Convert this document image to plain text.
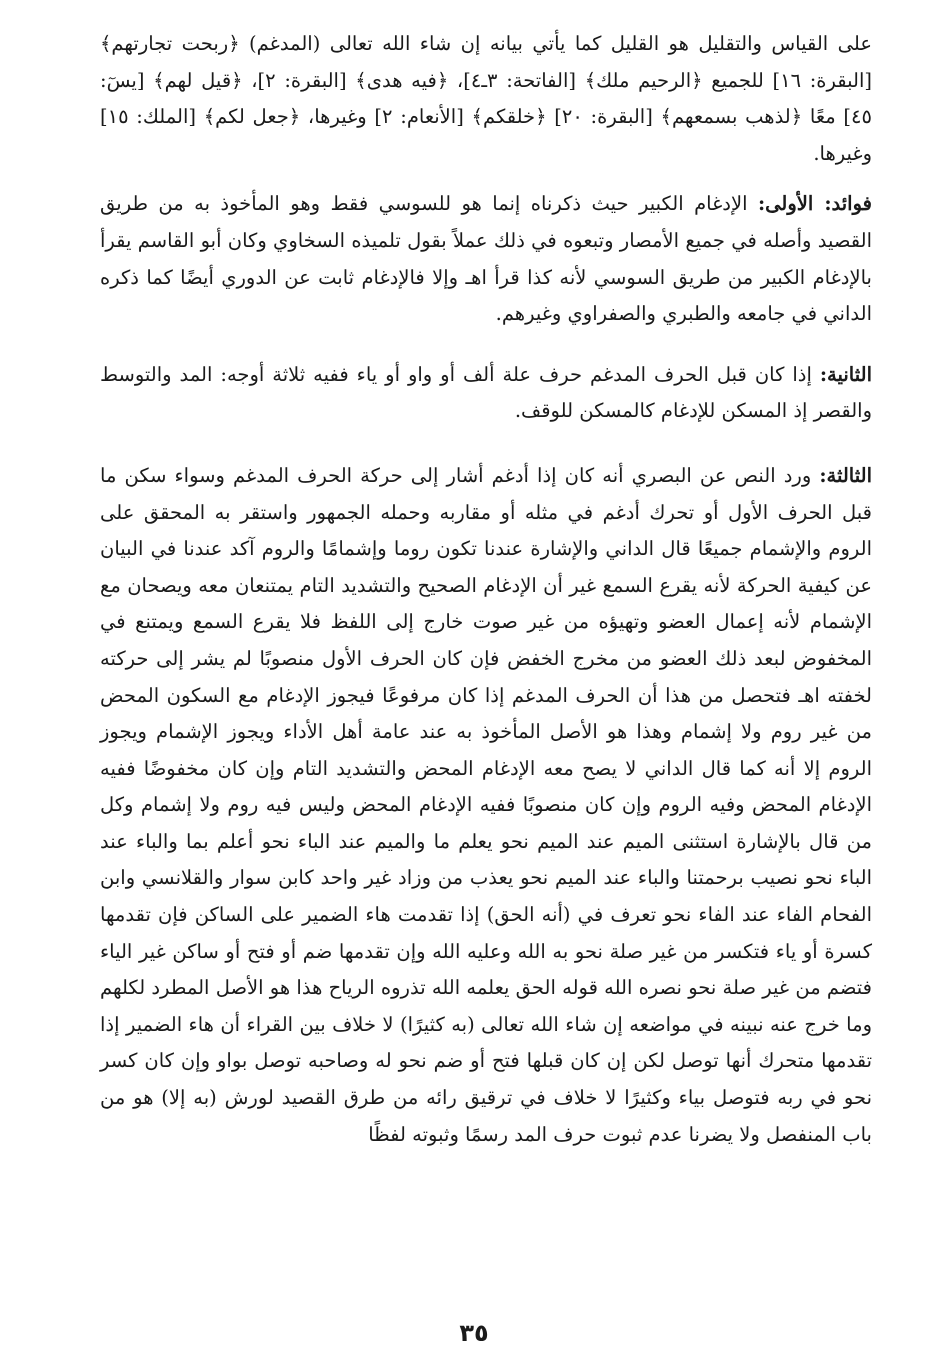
على القياس والتقليل هو القليل كما يأتي بيانه إن شاء الله تعالى (المدغم) ﴿ربحت تجارتهم﴾ [البقرة: ١٦] للجميع ﴿الرحيم ملك﴾ [الفاتحة: ٣ـ٤]، ﴿فيه هدى﴾ [البقرة: ٢]، ﴿قيل لهم﴾ [يسٓ: ٤٥] معًا ﴿لذهب بسمعهم﴾ [البقرة: ٢٠] ﴿خلقكم﴾ [الأنعام: ٢] وغيرها، ﴿جعل لكم﴾ [الملك: ١٥] وغيرها.

فوائد: الأولى: الإدغام الكبير حيث ذكرناه إنما هو للسوسي فقط وهو المأخوذ به من طريق القصيد وأصله في جميع الأمصار وتبعوه في ذلك عملاً بقول تلميذه السخاوي وكان أبو القاسم يقرأ بالإدغام الكبير من طريق السوسي لأنه كذا قرأ اهـ وإلا فالإدغام ثابت عن الدوري أيضًا كما ذكره الداني في جامعه والطبري والصفراوي وغيرهم.

الثانية: إذا كان قبل الحرف المدغم حرف علة ألف أو واو أو ياء ففيه ثلاثة أوجه: المد والتوسط والقصر إذ المسكن للإدغام كالمسكن للوقف.

الثالثة: ورد النص عن البصري أنه كان إذا أدغم أشار إلى حركة الحرف المدغم وسواء سكن ما قبل الحرف الأول أو تحرك أدغم في مثله أو مقاربه وحمله الجمهور واستقر به المحقق على الروم والإشمام جميعًا قال الداني والإشارة عندنا تكون روما وإشمامًا والروم آكد عندنا في البيان عن كيفية الحركة لأنه يقرع السمع غير أن الإدغام الصحيح والتشديد التام يمتنعان معه ويصحان مع الإشمام لأنه إعمال العضو وتهيؤه من غير صوت خارج إلى اللفظ فلا يقرع السمع ويمتنع في المخفوض لبعد ذلك العضو من مخرج الخفض فإن كان الحرف الأول منصوبًا لم يشر إلى حركته لخفته اهـ فتحصل من هذا أن الحرف المدغم إذا كان مرفوعًا فيجوز الإدغام مع السكون المحض من غير روم ولا إشمام وهذا هو الأصل المأخوذ به عند عامة أهل الأداء ويجوز الإشمام ويجوز الروم إلا أنه كما قال الداني لا يصح معه الإدغام المحض والتشديد التام وإن كان مخفوضًا ففيه الإدغام المحض وفيه الروم وإن كان منصوبًا ففيه الإدغام المحض وليس فيه روم ولا إشمام وكل من قال بالإشارة استثنى الميم عند الميم نحو يعلم ما والميم عند الباء نحو أعلم بما والباء عند الباء نحو نصيب برحمتنا والباء عند الميم نحو يعذب من وزاد غير واحد كابن سوار والقلانسي وابن الفحام الفاء عند الفاء نحو تعرف في (أنه الحق) إذا تقدمت هاء الضمير على الساكن فإن تقدمها كسرة أو ياء فتكسر من غير صلة نحو به الله وعليه الله وإن تقدمها ضم أو فتح أو ساكن غير الياء فتضم من غير صلة نحو نصره الله قوله الحق يعلمه الله تذروه الرياح هذا هو الأصل المطرد لكلهم وما خرج عنه نبينه في مواضعه إن شاء الله تعالى (به كثيرًا) لا خلاف بين القراء أن هاء الضمير إذا تقدمها متحرك أنها توصل لكن إن كان قبلها فتح أو ضم نحو له وصاحبه توصل بواو وإن كان كسر نحو في ربه فتوصل بياء وكثيرًا لا خلاف في ترقيق رائه من طرق القصيد لورش (به إلا) هو من باب المنفصل ولا يضرنا عدم ثبوت حرف المد رسمًا وثبوته لفظًا

٣٥
